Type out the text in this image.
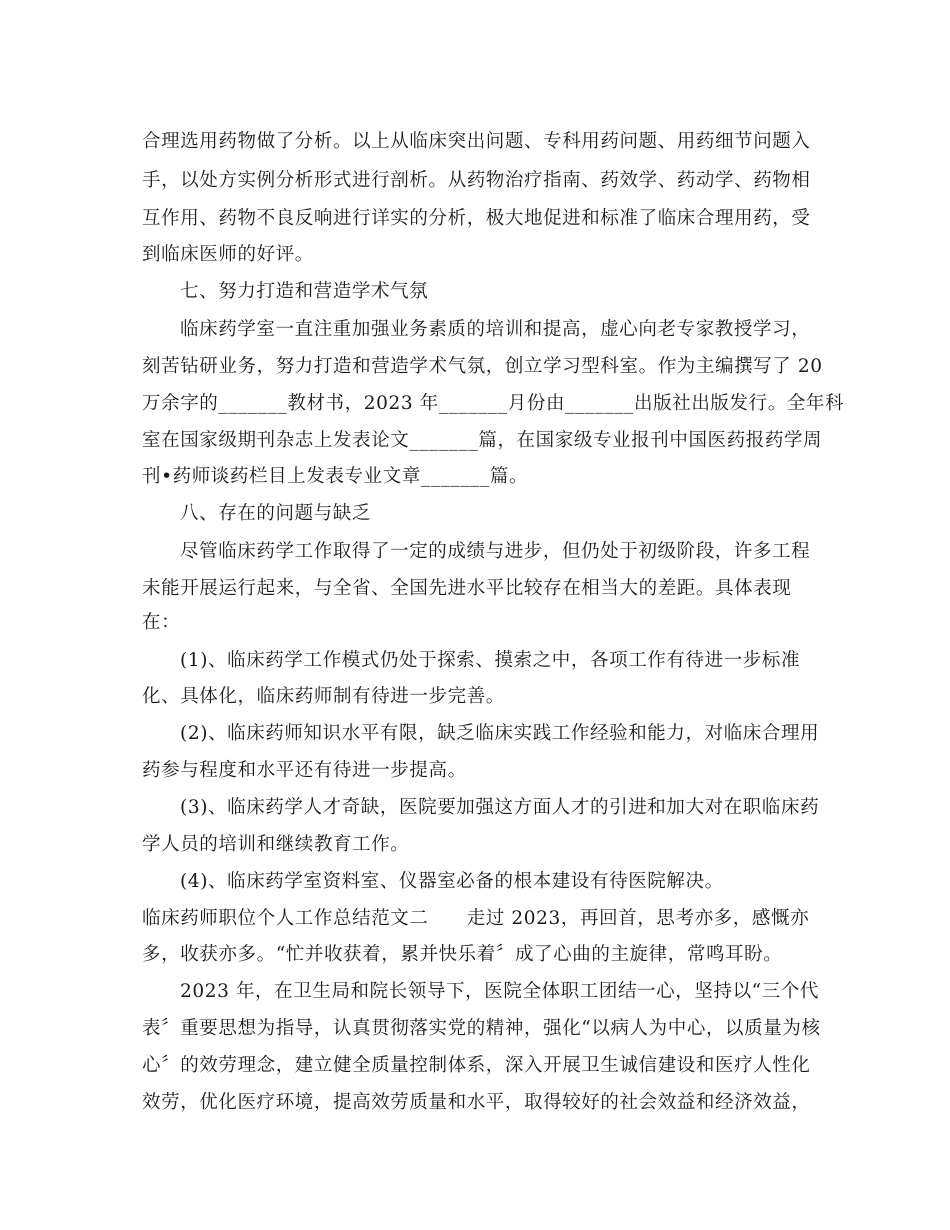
合理选用药物做了分析。以上从临床突出问题、专科用药问题、用药细节问题入
手，以处方实例分析形式进行剖析。从药物治疗指南、药效学、药动学、药物相
互作用、药物不良反响进行详实的分析，极大地促进和标准了临床合理用药，受
到临床医师的好评。
七、努力打造和营造学术气氛
临床药学室一直注重加强业务素质的培训和提高，虚心向老专家教授学习，
刻苦钻研业务，努力打造和营造学术气氛，创立学习型科室。作为主编撰写了 20
万余字的_______教材书，2023 年_______月份由_______出版社出版发行。全年科
室在国家级期刊杂志上发表论文_______篇，在国家级专业报刊中国医药报药学周
刊•药师谈药栏目上发表专业文章_______篇。
八、存在的问题与缺乏
尽管临床药学工作取得了一定的成绩与进步，但仍处于初级阶段，许多工程
未能开展运行起来，与全省、全国先进水平比较存在相当大的差距。具体表现
在：
(1)、临床药学工作模式仍处于探索、摸索之中，各项工作有待进一步标准
化、具体化，临床药师制有待进一步完善。
(2)、临床药师知识水平有限，缺乏临床实践工作经验和能力，对临床合理用
药参与程度和水平还有待进一步提高。
(3)、临床药学人才奇缺，医院要加强这方面人才的引进和加大对在职临床药
学人员的培训和继续教育工作。
(4)、临床药学室资料室、仪器室必备的根本建设有待医院解决。
临床药师职位个人工作总结范文二　　走过 2023，再回首，思考亦多，感慨亦
多，收获亦多。“忙并收获着，累并快乐着〞成了心曲的主旋律，常鸣耳盼。
2023 年，在卫生局和院长领导下，医院全体职工团结一心，坚持以“三个代
表〞重要思想为指导，认真贯彻落实党的精神，强化“以病人为中心，以质量为核
心〞的效劳理念，建立健全质量控制体系，深入开展卫生诚信建设和医疗人性化
效劳，优化医疗环境，提高效劳质量和水平，取得较好的社会效益和经济效益，
